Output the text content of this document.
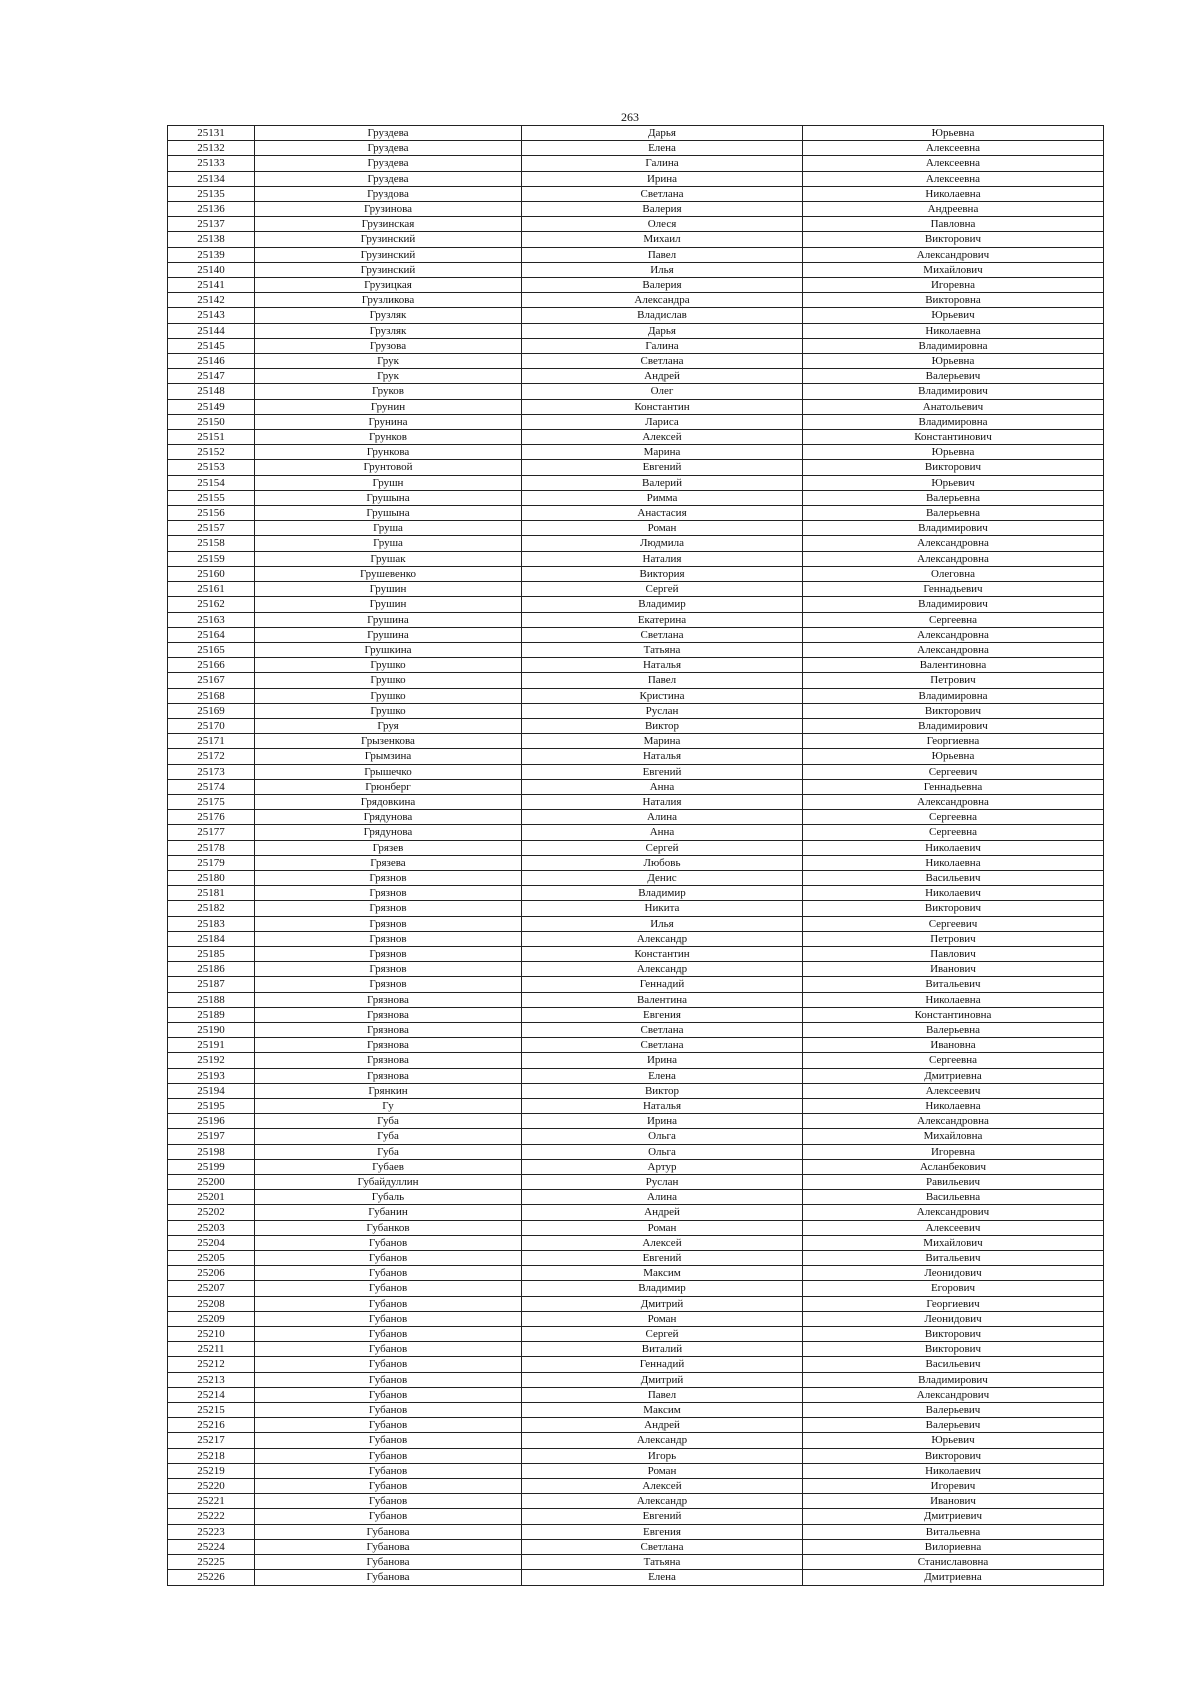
263
25131	Груздева	Дарья	Юрьевна
25132	Груздева	Елена	Алексеевна
25133	Груздева	Галина	Алексеевна
25134	Груздева	Ирина	Алексеевна
25135	Груздова	Светлана	Николаевна
25136	Грузинова	Валерия	Андреевна
25137	Грузинская	Олеся	Павловна
25138	Грузинский	Михаил	Викторович
25139	Грузинский	Павел	Александрович
25140	Грузинский	Илья	Михайлович
25141	Грузицкая	Валерия	Игоревна
25142	Грузликова	Александра	Викторовна
25143	Грузляк	Владислав	Юрьевич
25144	Грузляк	Дарья	Николаевна
25145	Грузова	Галина	Владимировна
25146	Грук	Светлана	Юрьевна
25147	Грук	Андрей	Валерьевич
25148	Груков	Олег	Владимирович
25149	Грунин	Константин	Анатольевич
25150	Грунина	Лариса	Владимировна
25151	Грунков	Алексей	Константинович
25152	Грункова	Марина	Юрьевна
25153	Грунтовой	Евгений	Викторович
25154	Грушн	Валерий	Юрьевич
25155	Грушына	Римма	Валерьевна
25156	Грушына	Анастасия	Валерьевна
25157	Груша	Роман	Владимирович
25158	Груша	Людмила	Александровна
25159	Грушак	Наталия	Александровна
25160	Грушевенко	Виктория	Олеговна
25161	Грушин	Сергей	Геннадьевич
25162	Грушин	Владимир	Владимирович
25163	Грушина	Екатерина	Сергеевна
25164	Грушина	Светлана	Александровна
25165	Грушкина	Татьяна	Александровна
25166	Грушко	Наталья	Валентиновна
25167	Грушко	Павел	Петрович
25168	Грушко	Кристина	Владимировна
25169	Грушко	Руслан	Викторович
25170	Груя	Виктор	Владимирович
25171	Грызенкова	Марина	Георгиевна
25172	Грымзина	Наталья	Юрьевна
25173	Грышечко	Евгений	Сергеевич
25174	Грюнберг	Анна	Геннадьевна
25175	Грядовкина	Наталия	Александровна
25176	Грядунова	Алина	Сергеевна
25177	Грядунова	Анна	Сергеевна
25178	Грязев	Сергей	Николаевич
25179	Грязева	Любовь	Николаевна
25180	Грязнов	Денис	Васильевич
25181	Грязнов	Владимир	Николаевич
25182	Грязнов	Никита	Викторович
25183	Грязнов	Илья	Сергеевич
25184	Грязнов	Александр	Петрович
25185	Грязнов	Константин	Павлович
25186	Грязнов	Александр	Иванович
25187	Грязнов	Геннадий	Витальевич
25188	Грязнова	Валентина	Николаевна
25189	Грязнова	Евгения	Константиновна
25190	Грязнова	Светлана	Валерьевна
25191	Грязнова	Светлана	Ивановна
25192	Грязнова	Ирина	Сергеевна
25193	Грязнова	Елена	Дмитриевна
25194	Грянкин	Виктор	Алексеевич
25195	Гу	Наталья	Николаевна
25196	Губа	Ирина	Александровна
25197	Губа	Ольга	Михайловна
25198	Губа	Ольга	Игоревна
25199	Губаев	Артур	Асланбекович
25200	Губайдуллин	Руслан	Равильевич
25201	Губаль	Алина	Васильевна
25202	Губанин	Андрей	Александрович
25203	Губанков	Роман	Алексеевич
25204	Губанов	Алексей	Михайлович
25205	Губанов	Евгений	Витальевич
25206	Губанов	Максим	Леонидович
25207	Губанов	Владимир	Егорович
25208	Губанов	Дмитрий	Георгиевич
25209	Губанов	Роман	Леонидович
25210	Губанов	Сергей	Викторович
25211	Губанов	Виталий	Викторович
25212	Губанов	Геннадий	Васильевич
25213	Губанов	Дмитрий	Владимирович
25214	Губанов	Павел	Александрович
25215	Губанов	Максим	Валерьевич
25216	Губанов	Андрей	Валерьевич
25217	Губанов	Александр	Юрьевич
25218	Губанов	Игорь	Викторович
25219	Губанов	Роман	Николаевич
25220	Губанов	Алексей	Игоревич
25221	Губанов	Александр	Иванович
25222	Губанов	Евгений	Дмитриевич
25223	Губанова	Евгения	Витальевна
25224	Губанова	Светлана	Вилориевна
25225	Губанова	Татьяна	Станиславовна
25226	Губанова	Елена	Дмитриевна
